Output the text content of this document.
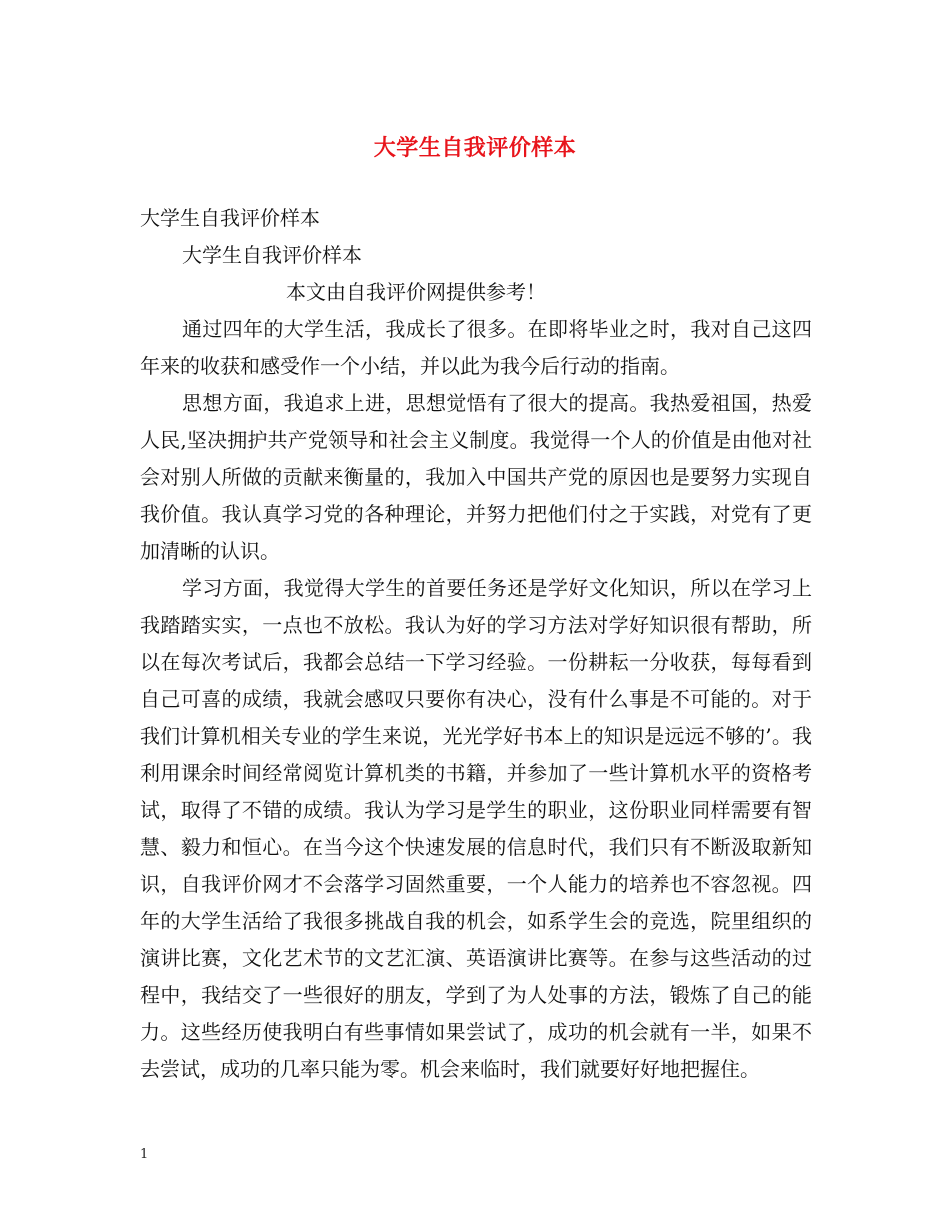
大学生自我评价样本

大学生自我评价样本

大学生自我评价样本

本文由自我评价网提供参考！

通过四年的大学生活，我成长了很多。在即将毕业之时，我对自己这四年来的收获和感受作一个小结，并以此为我今后行动的指南。

思想方面，我追求上进，思想觉悟有了很大的提高。我热爱祖国，热爱人民,坚决拥护共产党领导和社会主义制度。我觉得一个人的价值是由他对社会对别人所做的贡献来衡量的，我加入中国共产党的原因也是要努力实现自我价值。我认真学习党的各种理论，并努力把他们付之于实践，对党有了更加清晰的认识。

学习方面，我觉得大学生的首要任务还是学好文化知识，所以在学习上我踏踏实实，一点也不放松。我认为好的学习方法对学好知识很有帮助，所以在每次考试后，我都会总结一下学习经验。一份耕耘一分收获，每每看到自己可喜的成绩，我就会感叹只要你有决心，没有什么事是不可能的。对于我们计算机相关专业的学生来说，光光学好书本上的知识是远远不够的’。我利用课余时间经常阅览计算机类的书籍，并参加了一些计算机水平的资格考试，取得了不错的成绩。我认为学习是学生的职业，这份职业同样需要有智慧、毅力和恒心。在当今这个快速发展的信息时代，我们只有不断汲取新知识，自我评价网才不会落学习固然重要，一个人能力的培养也不容忽视。四年的大学生活给了我很多挑战自我的机会，如系学生会的竞选，院里组织的演讲比赛，文化艺术节的文艺汇演、英语演讲比赛等。在参与这些活动的过程中，我结交了一些很好的朋友，学到了为人处事的方法，锻炼了自己的能力。这些经历使我明白有些事情如果尝试了，成功的机会就有一半，如果不去尝试，成功的几率只能为零。机会来临时，我们就要好好地把握住。

1
